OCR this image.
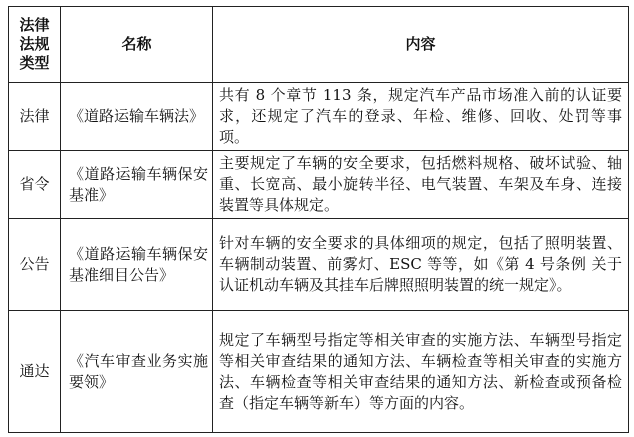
法律法规类型	名称	内容
法律	《道路运输车辆法》	共有 8 个章节 113 条，规定汽车产品市场准入前的认证要求，还规定了汽车的登录、年检、维修、回收、处罚等事项。
省令	《道路运输车辆保安基准》	主要规定了车辆的安全要求，包括燃料规格、破坏试验、轴重、长宽高、最小旋转半径、电气装置、车架及车身、连接装置等具体规定。
公告	《道路运输车辆保安基准细目公告》	针对车辆的安全要求的具体细项的规定，包括了照明装置、车辆制动装置、前雾灯、ESC 等等，如《第 4 号条例 关于认证机动车辆及其挂车后牌照照明装置的统一规定》。
通达	《汽车审查业务实施要领》	规定了车辆型号指定等相关审查的实施方法、车辆型号指定等相关审查结果的通知方法、车辆检查等相关审查的实施方法、车辆检查等相关审查结果的通知方法、新检查或预备检查（指定车辆等新车）等方面的内容。
